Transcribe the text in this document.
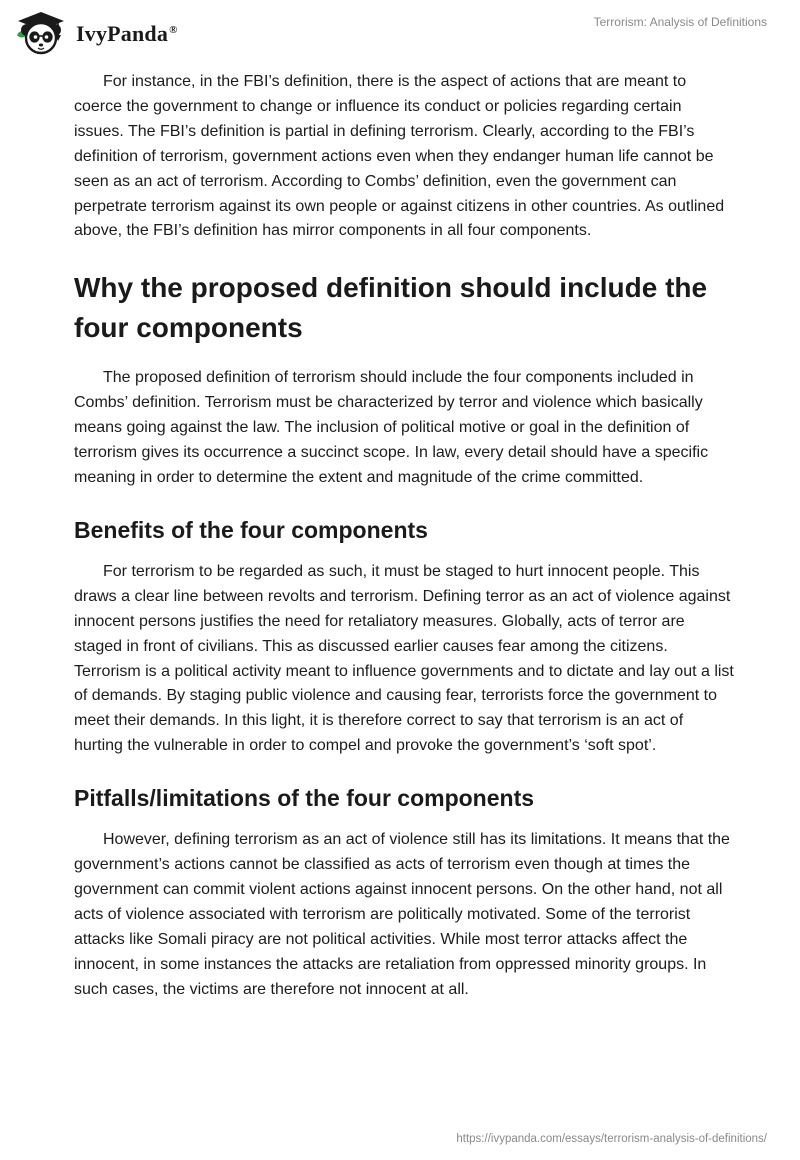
IvyPanda®
Terrorism: Analysis of Definitions

For instance, in the FBI’s definition, there is the aspect of actions that are meant to coerce the government to change or influence its conduct or policies regarding certain issues. The FBI’s definition is partial in defining terrorism. Clearly, according to the FBI’s definition of terrorism, government actions even when they endanger human life cannot be seen as an act of terrorism. According to Combs’ definition, even the government can perpetrate terrorism against its own people or against citizens in other countries. As outlined above, the FBI’s definition has mirror components in all four components.

Why the proposed definition should include the four components

The proposed definition of terrorism should include the four components included in Combs’ definition. Terrorism must be characterized by terror and violence which basically means going against the law. The inclusion of political motive or goal in the definition of terrorism gives its occurrence a succinct scope. In law, every detail should have a specific meaning in order to determine the extent and magnitude of the crime committed.

Benefits of the four components

For terrorism to be regarded as such, it must be staged to hurt innocent people. This draws a clear line between revolts and terrorism. Defining terror as an act of violence against innocent persons justifies the need for retaliatory measures. Globally, acts of terror are staged in front of civilians. This as discussed earlier causes fear among the citizens. Terrorism is a political activity meant to influence governments and to dictate and lay out a list of demands. By staging public violence and causing fear, terrorists force the government to meet their demands. In this light, it is therefore correct to say that terrorism is an act of hurting the vulnerable in order to compel and provoke the government’s ‘soft spot’.

Pitfalls/limitations of the four components

However, defining terrorism as an act of violence still has its limitations. It means that the government’s actions cannot be classified as acts of terrorism even though at times the government can commit violent actions against innocent persons. On the other hand, not all acts of violence associated with terrorism are politically motivated. Some of the terrorist attacks like Somali piracy are not political activities. While most terror attacks affect the innocent, in some instances the attacks are retaliation from oppressed minority groups. In such cases, the victims are therefore not innocent at all.

https://ivypanda.com/essays/terrorism-analysis-of-definitions/
